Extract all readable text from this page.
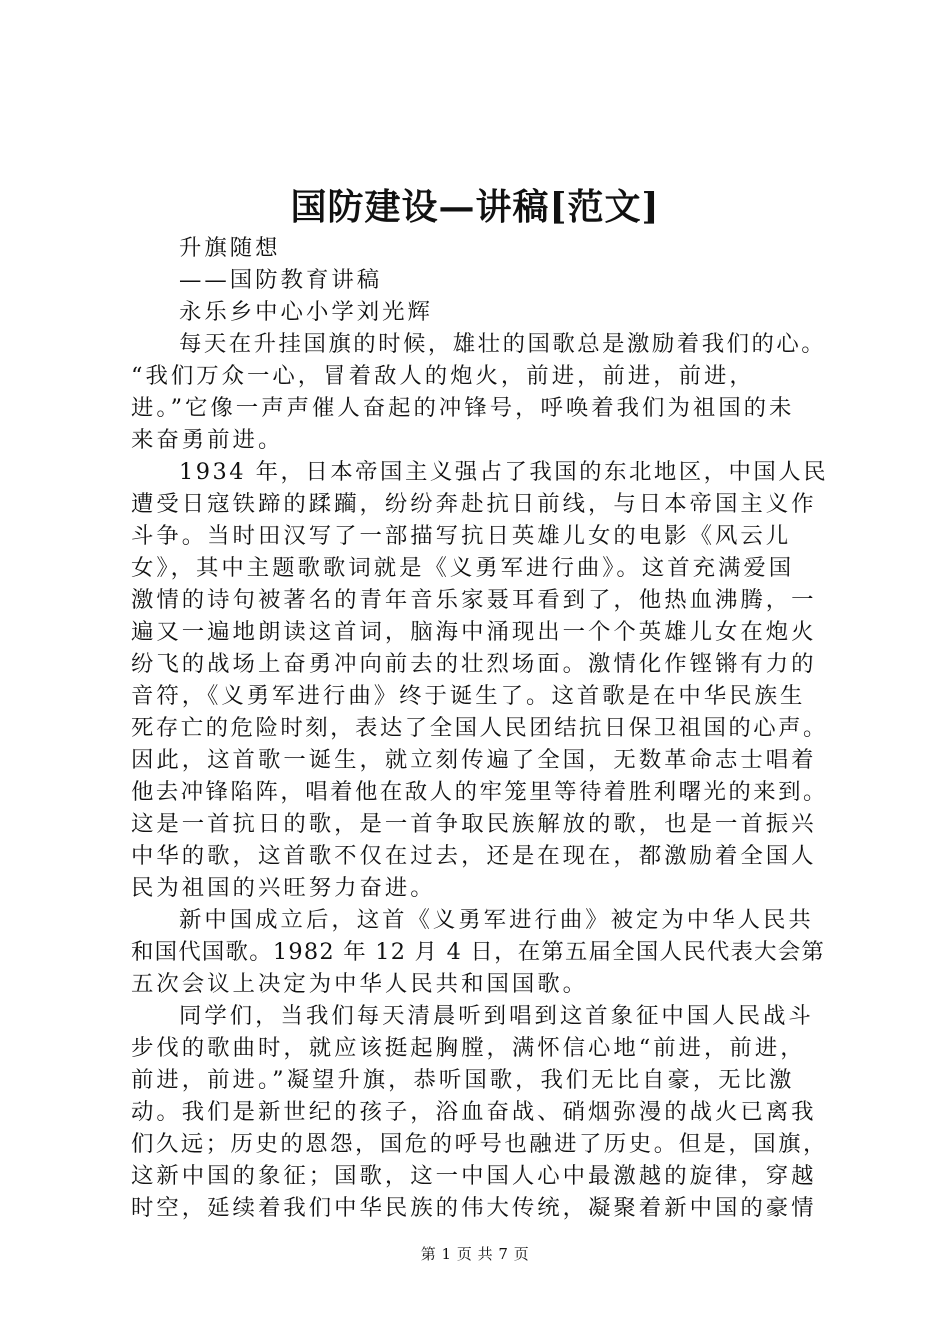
国防建设—讲稿[范文]
升旗随想
——国防教育讲稿
永乐乡中心小学刘光辉
每天在升挂国旗的时候，雄壮的国歌总是激励着我们的心。
“我们万众一心，冒着敌人的炮火，前进，前进，前进，
进。”它像一声声催人奋起的冲锋号，呼唤着我们为祖国的未
来奋勇前进。
1934 年，日本帝国主义强占了我国的东北地区，中国人民
遭受日寇铁蹄的蹂躏，纷纷奔赴抗日前线，与日本帝国主义作
斗争。当时田汉写了一部描写抗日英雄儿女的电影《风云儿
女》，其中主题歌歌词就是《义勇军进行曲》。这首充满爱国
激情的诗句被著名的青年音乐家聂耳看到了，他热血沸腾，一
遍又一遍地朗读这首词，脑海中涌现出一个个英雄儿女在炮火
纷飞的战场上奋勇冲向前去的壮烈场面。激情化作铿锵有力的
音符，《义勇军进行曲》终于诞生了。这首歌是在中华民族生
死存亡的危险时刻，表达了全国人民团结抗日保卫祖国的心声。
因此，这首歌一诞生，就立刻传遍了全国，无数革命志士唱着
他去冲锋陷阵，唱着他在敌人的牢笼里等待着胜利曙光的来到。
这是一首抗日的歌，是一首争取民族解放的歌，也是一首振兴
中华的歌，这首歌不仅在过去，还是在现在，都激励着全国人
民为祖国的兴旺努力奋进。
新中国成立后，这首《义勇军进行曲》被定为中华人民共
和国代国歌。1982 年 12 月 4 日，在第五届全国人民代表大会第
五次会议上决定为中华人民共和国国歌。
同学们，当我们每天清晨听到唱到这首象征中国人民战斗
步伐的歌曲时，就应该挺起胸膛，满怀信心地“前进，前进，
前进，前进。”凝望升旗，恭听国歌，我们无比自豪，无比激
动。我们是新世纪的孩子，浴血奋战、硝烟弥漫的战火已离我
们久远；历史的恩怨，国危的呼号也融进了历史。但是，国旗，
这新中国的象征；国歌，这一中国人心中最激越的旋律，穿越
时空，延续着我们中华民族的伟大传统，凝聚着新中国的豪情
第 1 页 共 7 页
